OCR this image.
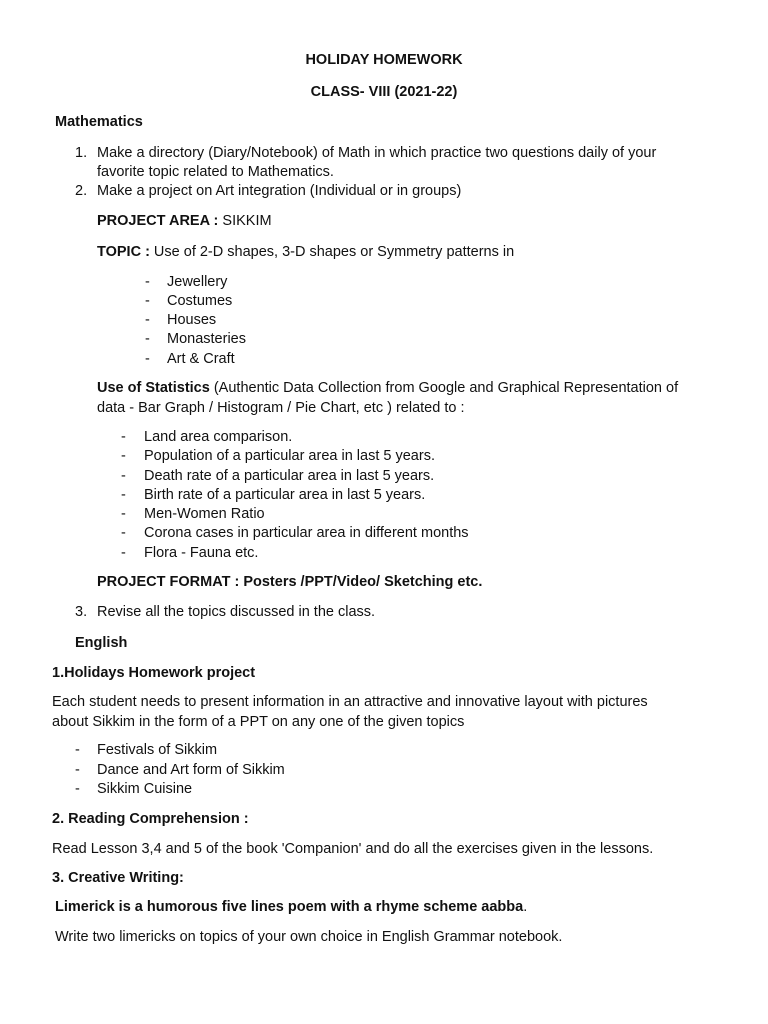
HOLIDAY HOMEWORK
CLASS- VIII (2021-22)
Mathematics
1. Make a directory (Diary/Notebook) of Math in which practice two questions daily of your
favorite topic related to Mathematics.
2. Make a project on Art integration (Individual or in groups)
PROJECT AREA : SIKKIM
TOPIC : Use of 2-D shapes, 3-D shapes or Symmetry patterns in
- Jewellery
- Costumes
- Houses
- Monasteries
- Art & Craft
Use of Statistics (Authentic Data Collection from Google and Graphical Representation of
data - Bar Graph / Histogram / Pie Chart, etc ) related to :
- Land area comparison.
- Population of a particular area in last 5 years.
- Death rate of a particular area in last 5 years.
- Birth rate of a particular area in last 5 years.
- Men-Women Ratio
- Corona cases in particular area in different months
- Flora - Fauna etc.
PROJECT FORMAT : Posters /PPT/Video/ Sketching etc.
3. Revise all the topics discussed in the class.
English
1.Holidays Homework project
Each student needs to present information in an attractive and innovative layout with pictures
about Sikkim in the form of a PPT on any one of the given topics
- Festivals of Sikkim
- Dance and Art form of Sikkim
- Sikkim Cuisine
2. Reading Comprehension :
Read Lesson 3,4 and 5 of the book 'Companion' and do all the exercises given in the lessons.
3. Creative Writing:
Limerick is a humorous five lines poem with a rhyme scheme aabba.
Write two limericks on topics of your own choice in English Grammar notebook.
